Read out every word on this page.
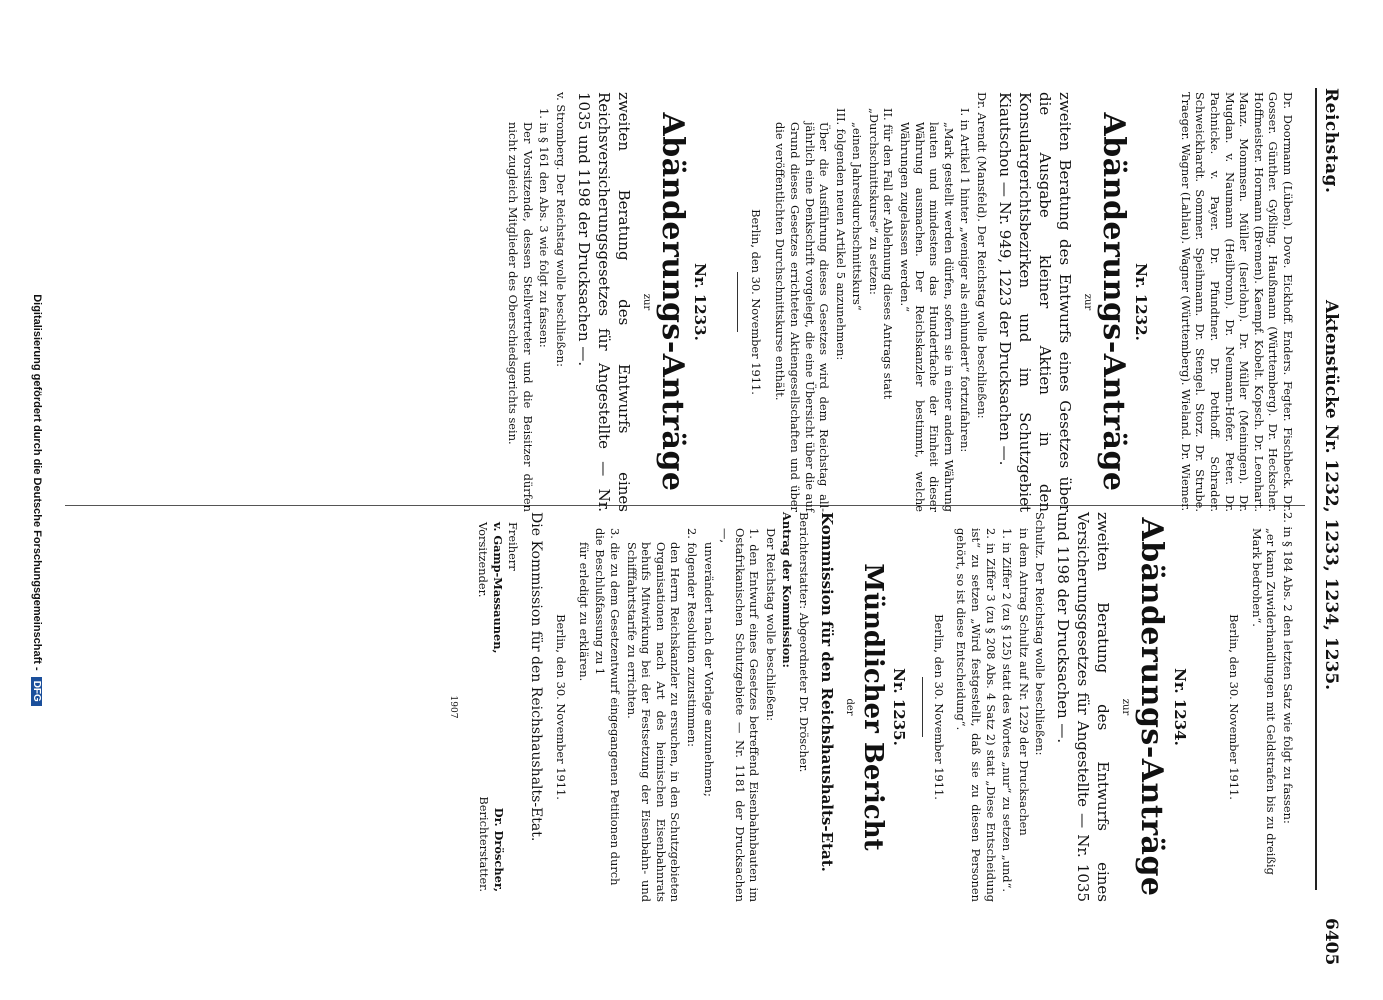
Reichstag.
Aktenstücke Nr. 1232, 1233, 1234, 1235.
6405

Dr. Doormann (Lüben). Dove. Eickhoff. Enders. Fegter. Fischbeck. Dr. Gosser. Günther. Gyßling. Haußmann (Württemberg). Dr. Heckscher. Hoffmeister. Hormann (Bremen). Kaempf. Kobelt. Kopsch. Dr. Leonhart. Manz. Mommsen. Müller (Iserlohn). Dr. Müller (Meiningen). Dr. Mugdan. v. Naumann (Heilbronn). Dr. Neumann-Hofer. Peter. Dr. Pachnicke. v. Payer. Dr. Pfundtner. Dr. Potthoff. Schrader. Schweickhardt. Sommer. Speihmann. Dr. Stengel. Storz. Dr. Strube. Traeger. Wagner (Lahlau). Wagner (Württemberg). Wieland. Dr. Wiemer.

Nr. 1232.
Abänderungs-Anträge
zur

zweiten Beratung des Entwurfs eines Gesetzes über die Ausgabe kleiner Aktien in den Konsulargerichtsbezirken und im Schutzgebiet Kiautschou — Nr. 949, 1223 der Drucksachen —.

Dr. Arendt (Mansfeld). Der Reichstag wolle beschließen:

I. in Artikel 1 hinter „weniger als einhundert“ fortzufahren:

„Mark gestellt werden dürfen, sofern sie in einer andern Währung lauten und mindestens das Hundertfache der Einheit dieser Währung ausmachen. Der Reichskanzler bestimmt, welche Währungen zugelassen werden.“

II. für den Fall der Ablehnung dieses Antrags statt „Durchschnittskurse“ zu setzen:

„einen Jahresdurchschnittskurs“

III. folgenden neuen Artikel 5 anzunehmen:

Über die Ausführung dieses Gesetzes wird dem Reichstag all-jährlich eine Denkschrift vorgelegt, die eine Übersicht über die auf Grund dieses Gesetzes errichteten Aktiengesellschaften und über die veröffentlichten Durchschnittskurse enthält.

Berlin, den 30. November 1911.

Nr. 1233.
Abänderungs-Anträge
zur

zweiten Beratung des Entwurfs eines Reichsversicherungsgesetzes für Angestellte — Nr. 1035 und 1198 der Drucksachen —.

v. Stromberg. Der Reichstag wolle beschließen:

1. in § 161 den Abs. 3 wie folgt zu fassen:

Der Vorsitzende, dessen Stellvertreter und die Beisitzer dürfen nicht zugleich Mitglieder des Oberschiedsgerichts sein.

2. in § 184 Abs. 2 den letzten Satz wie folgt zu fassen:

„er kann Zuwiderhandlungen mit Geldstrafen bis zu dreißig Mark bedrohen“.

Berlin, den 30. November 1911.

Nr. 1234.
Abänderungs-Anträge
zur

zweiten Beratung des Entwurfs eines Versicherungsgesetzes für Angestellte — Nr. 1035 und 1198 der Drucksachen —.

Schultz. Der Reichstag wolle beschließen:

in dem Antrag Schultz auf Nr. 1229 der Drucksachen

1. in Ziffer 2 (zu § 125) statt des Wortes „nur“ zu setzen „und“.

2. in Ziffer 3 (zu § 208 Abs. 4 Satz 2) statt „Diese Entscheidung ist“ zu setzen „Wird festgestellt, daß sie zu diesen Personen gehört, so ist diese Entscheidung“.

Berlin, den 30. November 1911.

Nr. 1235.
Mündlicher Bericht
der

Kommission für den Reichshaushalts-Etat.

Berichterstatter: Abgeordneter Dr. Dröscher.

Antrag der Kommission:

Der Reichstag wolle beschließen:

1. den Entwurf eines Gesetzes betreffend Eisenbahnbauten im Ostafrikanischen Schutzgebiete — Nr. 1181 der Drucksachen —,

unverändert nach der Vorlage anzunehmen;

2. folgender Resolution zuzustimmen:

den Herrn Reichskanzler zu ersuchen, in den Schutzgebieten Organisationen nach Art des heimischen Eisenbahnrats behufs Mitwirkung bei der Festsetzung der Eisenbahn- und Schifffahrtstarife zu errichten.

3. die zu dem Gesetzentwurf eingegangenen Petitionen durch die Beschlußfassung zu 1

für erledigt zu erklären.

Berlin, den 30. November 1911.

Die Kommission für den Reichshaushalts-Etat.

Freiherr
v. Gamp-Massaunen,
Vorsitzender.
Dr. Dröscher,
Berichterstatter.

1907

Digitalisierung gefördert durch die Deutsche Forschungsgemeinschaft -DFG
